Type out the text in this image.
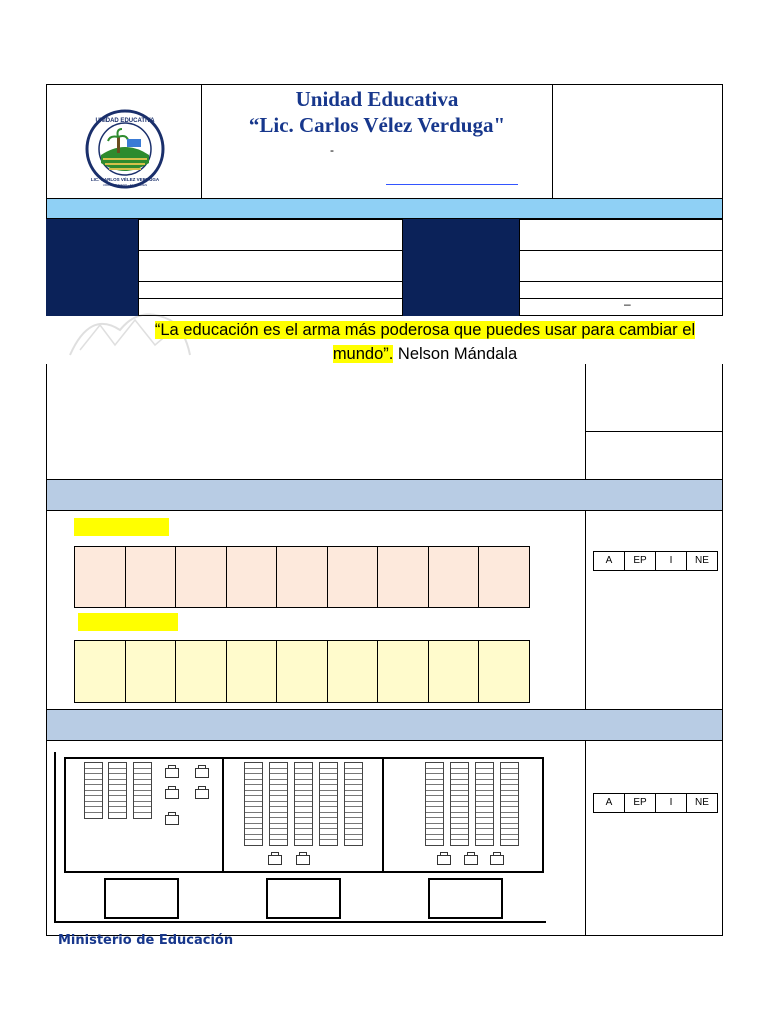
UNIDAD EDUCATIVA
LIC. CARLOS VÉLEZ VERDUGA
URBINA JURADO - EL CARMEN
Unidad Educativa
“Lic. Carlos Vélez Verduga"
-
–
“La educación es el arma más poderosa que puedes usar para cambiar el
mundo”. Nelson Mándala
A	EP	I	NE
A	EP	I	NE
Ministerio de Educación
